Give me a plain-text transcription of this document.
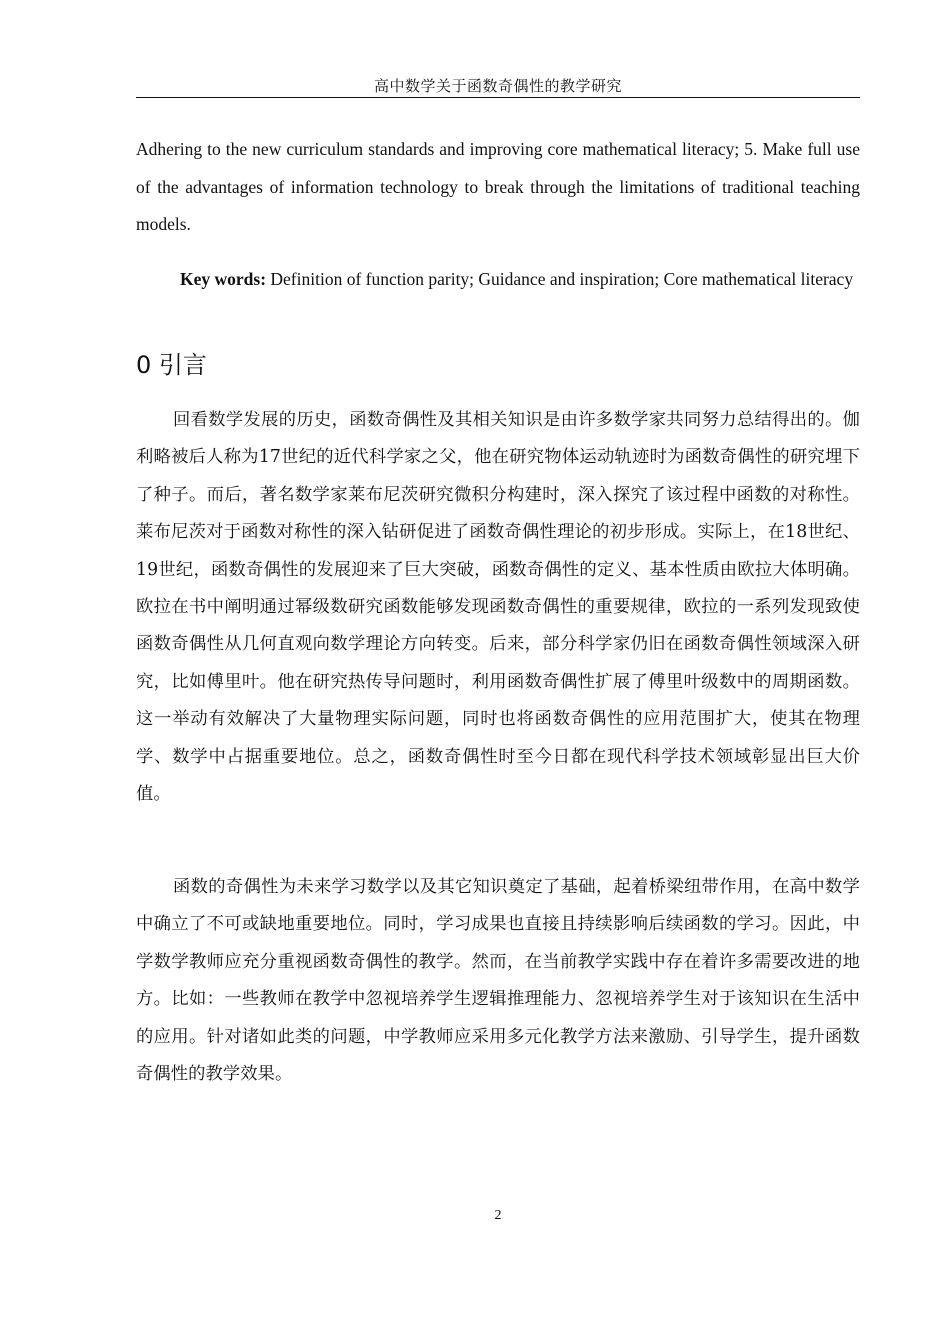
高中数学关于函数奇偶性的教学研究

Adhering to the new curriculum standards and improving core mathematical literacy; 5. Make full use of the advantages of information technology to break through the limitations of traditional teaching models.

Key words: Definition of function parity; Guidance and inspiration; Core mathematical literacy

0 引言

回看数学发展的历史，函数奇偶性及其相关知识是由许多数学家共同努力总结得出的。伽利略被后人称为17世纪的近代科学家之父，他在研究物体运动轨迹时为函数奇偶性的研究埋下了种子。而后，著名数学家莱布尼茨研究微积分构建时，深入探究了该过程中函数的对称性。莱布尼茨对于函数对称性的深入钻研促进了函数奇偶性理论的初步形成。实际上，在18世纪、19世纪，函数奇偶性的发展迎来了巨大突破，函数奇偶性的定义、基本性质由欧拉大体明确。欧拉在书中阐明通过幂级数研究函数能够发现函数奇偶性的重要规律，欧拉的一系列发现致使函数奇偶性从几何直观向数学理论方向转变。后来，部分科学家仍旧在函数奇偶性领域深入研究，比如傅里叶。他在研究热传导问题时，利用函数奇偶性扩展了傅里叶级数中的周期函数。这一举动有效解决了大量物理实际问题，同时也将函数奇偶性的应用范围扩大，使其在物理学、数学中占据重要地位。总之，函数奇偶性时至今日都在现代科学技术领域彰显出巨大价值。

函数的奇偶性为未来学习数学以及其它知识奠定了基础，起着桥梁纽带作用，在高中数学中确立了不可或缺地重要地位。同时，学习成果也直接且持续影响后续函数的学习。因此，中学数学教师应充分重视函数奇偶性的教学。然而，在当前教学实践中存在着许多需要改进的地方。比如：一些教师在教学中忽视培养学生逻辑推理能力、忽视培养学生对于该知识在生活中的应用。针对诸如此类的问题，中学教师应采用多元化教学方法来激励、引导学生，提升函数奇偶性的教学效果。

2
